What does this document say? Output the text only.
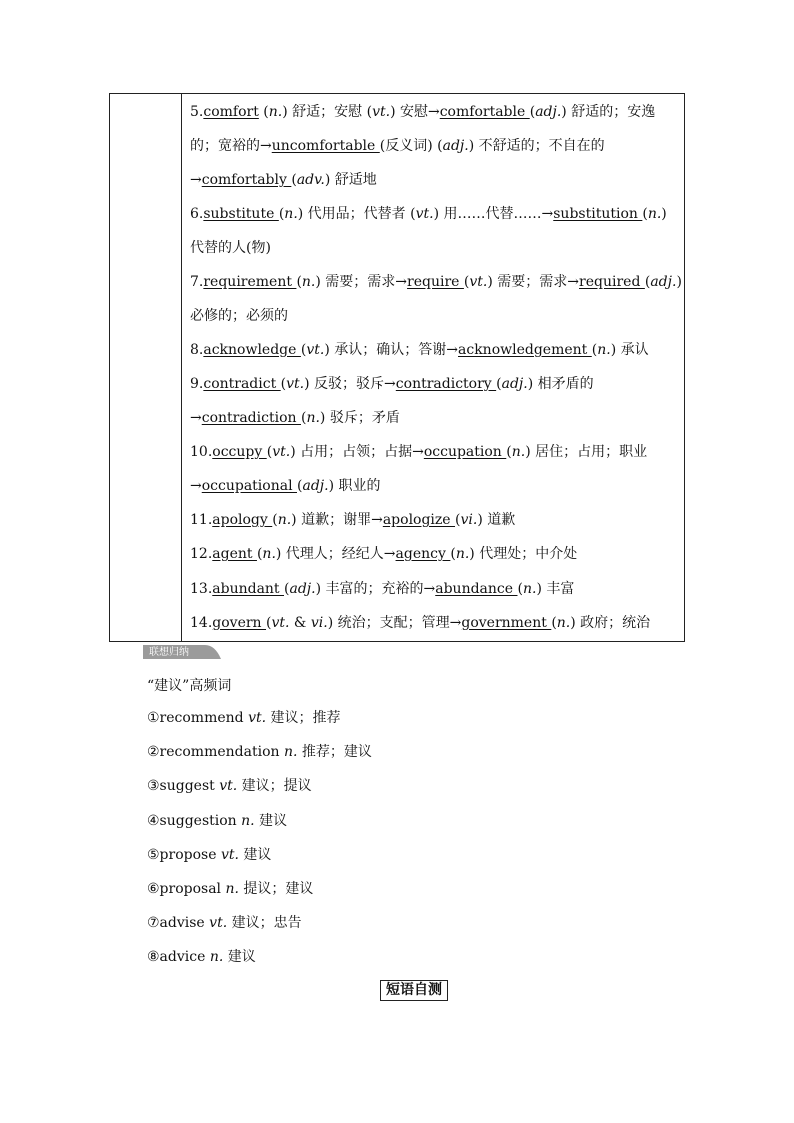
5.comfort (n.) 舒适；安慰 (vt.) 安慰→comfortable (adj.) 舒适的；安逸
的；宽裕的→uncomfortable (反义词) (adj.) 不舒适的；不自在的
→comfortably (adv.) 舒适地
6.substitute (n.) 代用品；代替者 (vt.) 用……代替……→substitution (n.)
代替的人(物)
7.requirement (n.) 需要；需求→require (vt.) 需要；需求→required (adj.)
必修的；必须的
8.acknowledge (vt.) 承认；确认；答谢→acknowledgement (n.) 承认
9.contradict (vt.) 反驳；驳斥→contradictory (adj.) 相矛盾的
→contradiction (n.) 驳斥；矛盾
10.occupy (vt.) 占用；占领；占据→occupation (n.) 居住；占用；职业
→occupational (adj.) 职业的
11.apology (n.) 道歉；谢罪→apologize (vi.) 道歉
12.agent (n.) 代理人；经纪人→agency (n.) 代理处；中介处
13.abundant (adj.) 丰富的；充裕的→abundance (n.) 丰富
14.govern (vt. & vi.) 统治；支配；管理→government (n.) 政府；统治
联想归纳
“建议”高频词
①recommend vt. 建议；推荐
②recommendation n. 推荐；建议
③suggest vt. 建议；提议
④suggestion n. 建议
⑤propose vt. 建议
⑥proposal n. 提议；建议
⑦advise vt. 建议；忠告
⑧advice n. 建议
短语自测
